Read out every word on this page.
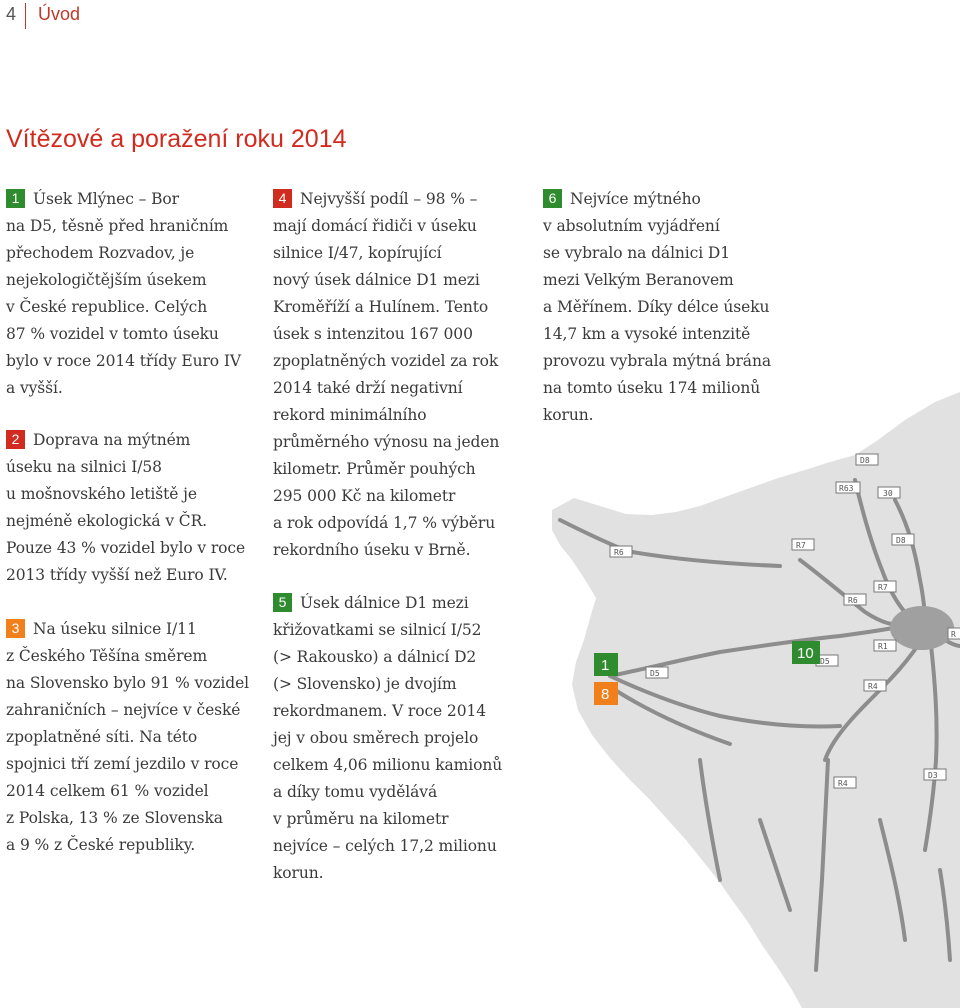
4 Úvod
Vítězové a poražení roku 2014

1 Úsek Mlýnec – Bor

na D5, těsně před hraničním

přechodem Rozvadov, je

nejekologičtějším úsekem

v České republice. Celých

87 % vozidel v tomto úseku

bylo v roce 2014 třídy Euro IV

a vyšší.

2 Doprava na mýtném

úseku na silnici I/58

u mošnovského letiště je

nejméně ekologická v ČR.

Pouze 43 % vozidel bylo v roce

2013 třídy vyšší než Euro IV.

3 Na úseku silnice I/11

z Českého Těšína směrem

na Slovensko bylo 91 % vozidel

zahraničních – nejvíce v české

zpoplatněné síti. Na této

spojnici tří zemí jezdilo v roce

2014 celkem 61 % vozidel

z Polska, 13 % ze Slovenska

a 9 % z České republiky.

4 Nejvyšší podíl – 98 % –

mají domácí řidiči v úseku

silnice I/47, kopírující

nový úsek dálnice D1 mezi

Kroměříží a Hulínem. Tento

úsek s intenzitou 167 000

zpoplatněných vozidel za rok

2014 také drží negativní

rekord minimálního

průměrného výnosu na jeden

kilometr. Průměr pouhých

295 000 Kč na kilometr

a rok odpovídá 1,7 % výběru

rekordního úseku v Brně.

5 Úsek dálnice D1 mezi

křižovatkami se silnicí I/52

(> Rakousko) a dálnicí D2

(> Slovensko) je dvojím

rekordmanem. V roce 2014

jej v obou směrech projelo

celkem 4,06 milionu kamionů

a díky tomu vydělává

v průměru na kilometr

nejvíce – celých 17,2 milionu

korun.

6 Nejvíce mýtného

v absolutním vyjádření

se vybralo na dálnici D1

mezi Velkým Beranovem

a Měřínem. Díky délce úseku

14,7 km a vysoké intenzitě

provozu vybrala mýtná brána

na tomto úseku 174 milionů

korun.

R6
R7
D8
R63
30
D8
R6
R7
R1
D5
D5
R4
R4
D3
R
1
8
10
